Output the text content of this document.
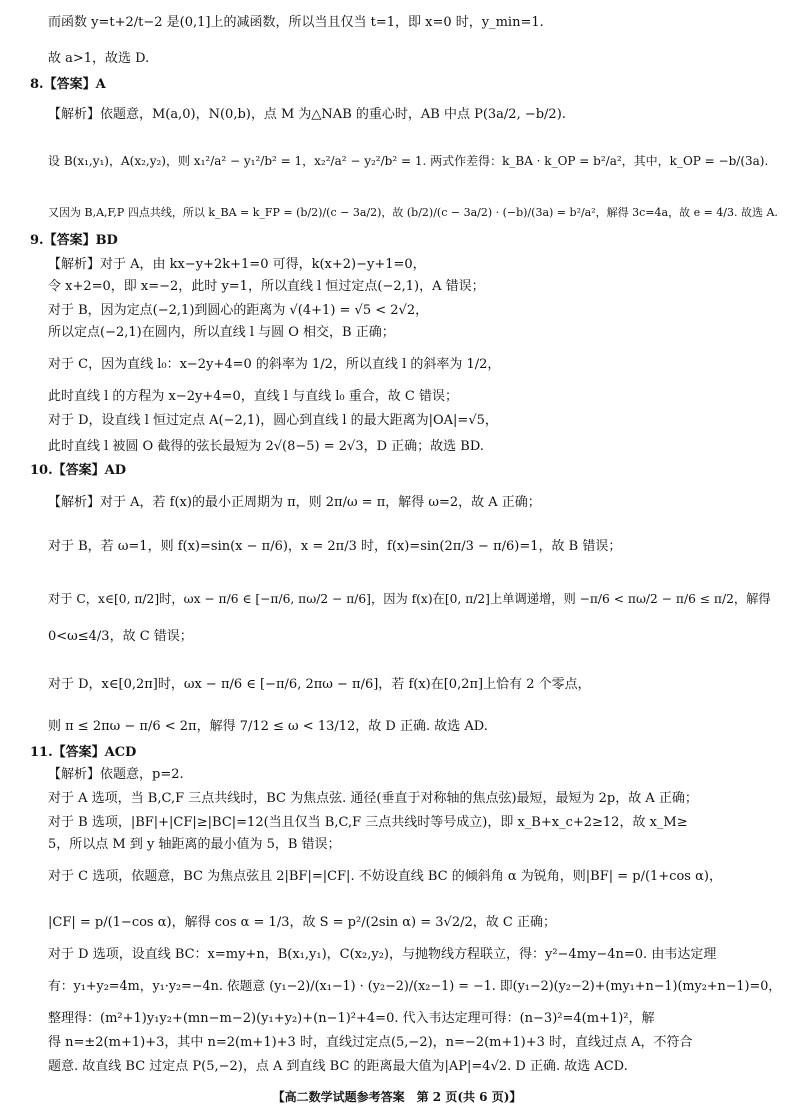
而函数 y=t+2/t−2 是(0,1]上的减函数，所以当且仅当 t=1，即 x=0 时，y_min=1.
故 a>1，故选 D.
8.【答案】A
【解析】依题意，M(a,0)，N(0,b)，点 M 为△NAB 的重心时，AB 中点 P(3a/2, −b/2).
设 B(x₁,y₁)，A(x₂,y₂)，则 x₁²/a² − y₁²/b² = 1，x₂²/a² − y₂²/b² = 1. 两式作差得：k_BA · k_OP = b²/a²，其中，k_OP = −b/(3a).
又因为 B,A,F,P 四点共线，所以 k_BA = k_FP = (b/2)/(c − 3a/2)，故 (b/2)/(c − 3a/2) · (−b)/(3a) = b²/a²，解得 3c=4a，故 e = 4/3. 故选 A.
9.【答案】BD
【解析】对于 A，由 kx−y+2k+1=0 可得，k(x+2)−y+1=0，
令 x+2=0，即 x=−2，此时 y=1，所以直线 l 恒过定点(−2,1)，A 错误；
对于 B，因为定点(−2,1)到圆心的距离为 √(4+1) = √5 < 2√2，
所以定点(−2,1)在圆内，所以直线 l 与圆 O 相交，B 正确；
对于 C，因为直线 l₀：x−2y+4=0 的斜率为 1/2，所以直线 l 的斜率为 1/2，
此时直线 l 的方程为 x−2y+4=0，直线 l 与直线 l₀ 重合，故 C 错误；
对于 D，设直线 l 恒过定点 A(−2,1)，圆心到直线 l 的最大距离为|OA|=√5，
此时直线 l 被圆 O 截得的弦长最短为 2√(8−5) = 2√3，D 正确；故选 BD.
10.【答案】AD
【解析】对于 A，若 f(x)的最小正周期为 π，则 2π/ω = π，解得 ω=2，故 A 正确；
对于 B，若 ω=1，则 f(x)=sin(x − π/6)，x = 2π/3 时，f(x)=sin(2π/3 − π/6)=1，故 B 错误；
对于 C，x∈[0, π/2]时，ωx − π/6 ∈ [−π/6, πω/2 − π/6]，因为 f(x)在[0, π/2]上单调递增，则 −π/6 < πω/2 − π/6 ≤ π/2，解得
0<ω≤4/3，故 C 错误；
对于 D，x∈[0,2π]时，ωx − π/6 ∈ [−π/6, 2πω − π/6]，若 f(x)在[0,2π]上恰有 2 个零点，
则 π ≤ 2πω − π/6 < 2π，解得 7/12 ≤ ω < 13/12，故 D 正确. 故选 AD.
11.【答案】ACD
【解析】依题意，p=2.
对于 A 选项，当 B,C,F 三点共线时，BC 为焦点弦. 通径(垂直于对称轴的焦点弦)最短，最短为 2p，故 A 正确；
对于 B 选项，|BF|+|CF|≥|BC|=12(当且仅当 B,C,F 三点共线时等号成立)，即 x_B+x_c+2≥12，故 x_M≥
5，所以点 M 到 y 轴距离的最小值为 5，B 错误；
对于 C 选项，依题意，BC 为焦点弦且 2|BF|=|CF|. 不妨设直线 BC 的倾斜角 α 为锐角，则|BF| = p/(1+cos α)，
|CF| = p/(1−cos α)，解得 cos α = 1/3，故 S = p²/(2sin α) = 3√2/2，故 C 正确；
对于 D 选项，设直线 BC：x=my+n，B(x₁,y₁)，C(x₂,y₂)，与抛物线方程联立，得：y²−4my−4n=0. 由韦达定理
有：y₁+y₂=4m，y₁·y₂=−4n. 依题意 (y₁−2)/(x₁−1) · (y₂−2)/(x₂−1) = −1. 即(y₁−2)(y₂−2)+(my₁+n−1)(my₂+n−1)=0，
整理得：(m²+1)y₁y₂+(mn−m−2)(y₁+y₂)+(n−1)²+4=0. 代入韦达定理可得：(n−3)²=4(m+1)²，解
得 n=±2(m+1)+3，其中 n=2(m+1)+3 时，直线过定点(5,−2)，n=−2(m+1)+3 时，直线过点 A，不符合
题意. 故直线 BC 过定点 P(5,−2)，点 A 到直线 BC 的距离最大值为|AP|=4√2. D 正确. 故选 ACD.
【高二数学试题参考答案　第 2 页(共 6 页)】
